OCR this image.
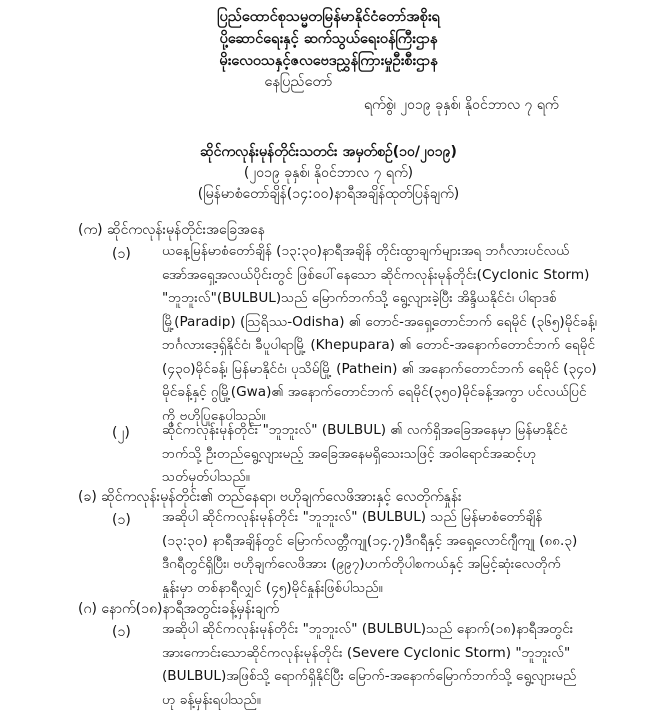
ပြည်ထောင်စုသမ္မတမြန်မာနိုင်ငံတော်အစိုးရ
ပို့ဆောင်ရေးနှင့် ဆက်သွယ်ရေးဝန်ကြီးဌာန
မိုးလေဝသနှင့်ဇလဗေဒညွှန်ကြားမှုဦးစီးဌာန
နေပြည်တော်
ရက်စွဲ၊ ၂၀၁၉ ခုနှစ်၊ နိုဝင်ဘာလ ၇ ရက်
ဆိုင်ကလုန်းမုန်တိုင်းသတင်း အမှတ်စဉ်(၁၀/၂၀၁၉)
(၂၀၁၉ ခုနှစ်၊ နိုဝင်ဘာလ ၇ ရက်)
(မြန်မာစံတော်ချိန်(၁၄:၀၀)နာရီအချိန်ထုတ်ပြန်ချက်)
(က) ဆိုင်ကလုန်းမုန်တိုင်းအခြေအနေ
(၁) ယနေ့မြန်မာစံတော်ချိန် (၁၃:၃၀)နာရီအချိန် တိုင်းထွာချက်များအရ ဘင်္ဂလားပင်လယ်
အော်အရှေ့အလယ်ပိုင်းတွင် ဖြစ်ပေါ်နေသော ဆိုင်ကလုန်းမုန်တိုင်း(Cyclonic Storm)
"ဘူဘူးလ်"(BULBUL)သည် မြောက်ဘက်သို့ ရွေ့လျားခဲ့ပြီး အိန္ဒိယနိုင်ငံ၊ ပါရာဒစ်
မြို့(Paradip) (ဩရိဿ-Odisha) ၏ တောင်-အရှေ့တောင်ဘက် ရေမိုင် (၃၆၅)မိုင်ခန့်၊
ဘင်္ဂလားဒေ့ရှ်နိုင်ငံ၊ ခီပူပါရာမြို့ (Khepupara) ၏ တောင်-အနောက်တောင်ဘက် ရေမိုင်
(၄၃၀)မိုင်ခန့်၊ မြန်မာနိုင်ငံ၊ ပုသိမ်မြို့ (Pathein) ၏ အနောက်တောင်ဘက် ရေမိုင် (၃၄၀)
မိုင်ခန့်နှင့် ဂွမြို့(Gwa)၏ အနောက်တောင်ဘက် ရေမိုင်(၃၅၀)မိုင်ခန့်အကွာ ပင်လယ်ပြင်
ကို ဗဟိုပြုနေပါသည်။
(၂) ဆိုင်ကလုန်းမုန်တိုင်း "ဘူဘူးလ်" (BULBUL) ၏ လက်ရှိအခြေအနေမှာ မြန်မာနိုင်ငံ
ဘက်သို့ ဦးတည်ရွေ့လျားမည့် အခြေအနေမရှိသေးသဖြင့် အဝါရောင်အဆင့်ဟု
သတ်မှတ်ပါသည်။
(ခ) ဆိုင်ကလုန်းမုန်တိုင်း၏ တည်နေရာ၊ ဗဟိုချက်လေဖိအားနှင့် လေတိုက်နှုန်း
(၁) အဆိုပါ ဆိုင်ကလုန်းမုန်တိုင်း "ဘူဘူးလ်" (BULBUL) သည် မြန်မာစံတော်ချိန်
(၁၃:၃၀) နာရီအချိန်တွင် မြောက်လတ္တီကျု(၁၄.၇)ဒီဂရီနှင့် အရှေ့လောင်ဂျီကျု (၈၈.၃)
ဒီဂရီတွင်ရှိပြီး၊ ဗဟိုချက်လေဖိအား (၉၉၇)ဟက်တိုပါစကယ်နှင့် အမြင့်ဆုံးလေတိုက်
နှုန်းမှာ တစ်နာရီလျှင် (၄၅)မိုင်နှုန်းဖြစ်ပါသည်။
(ဂ) နောက်(၁၈)နာရီအတွင်းခန့်မှန်းချက်
(၁) အဆိုပါ ဆိုင်ကလုန်းမုန်တိုင်း "ဘူဘူးလ်" (BULBUL)သည် နောက်(၁၈)နာရီအတွင်း
အားကောင်းသောဆိုင်ကလုန်းမုန်တိုင်း (Severe Cyclonic Storm) "ဘူဘူးလ်"
(BULBUL)အဖြစ်သို့ ရောက်ရှိနိုင်ပြီး မြောက်-အနောက်မြောက်ဘက်သို့ ရွေ့လျားမည်
ဟု ခန့်မှန်းရပါသည်။
